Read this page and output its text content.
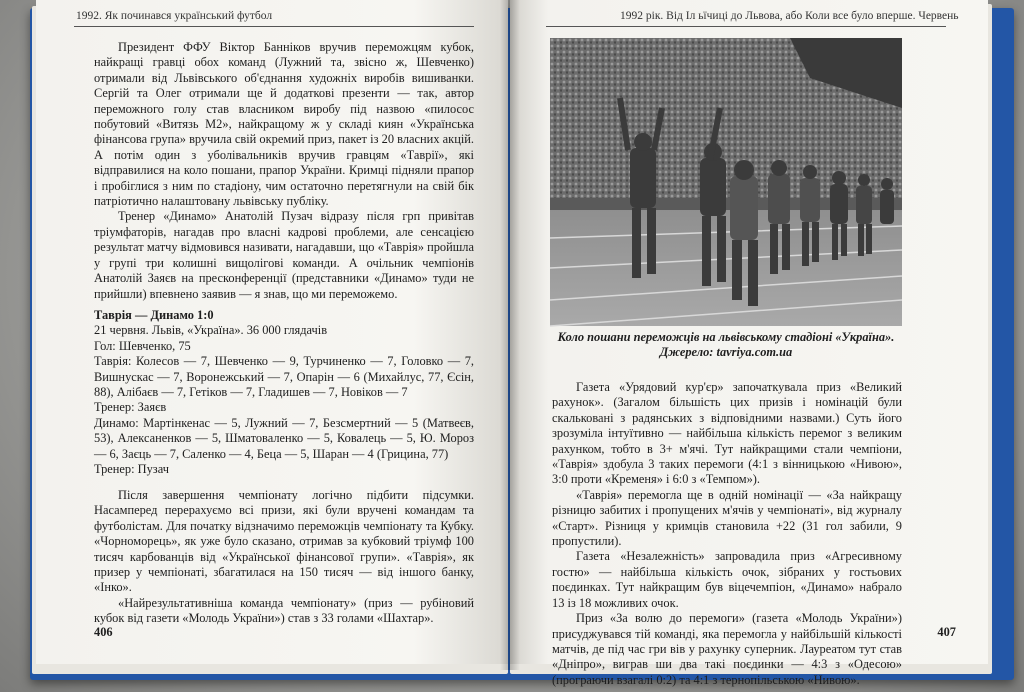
1992. Як починався український футбол

Президент ФФУ Віктор Банніков вручив переможцям кубок, найкращі гравці обох команд (Лужний та, звісно ж, Шевченко) отримали від Львівського об'єднання художніх виробів вишиванки. Сергій та Олег отримали ще й додаткові презенти — так, автор переможного голу став власником виробу під назвою «пилосос побутовий «Витязь М2», найкращому ж у складі киян «Українська фінансова група» вручила свій окремий приз, пакет із 20 власних акцій. А потім один з уболівальників вручив гравцям «Таврії», які відправилися на коло пошани, прапор України. Кримці підняли прапор і пробіглися з ним по стадіону, чим остаточно перетягнули на свій бік патріотично налаштовану львівську публіку.

Тренер «Динамо» Анатолій Пузач відразу після грп привітав тріумфаторів, нагадав про власні кадрові проблеми, але сенсацією результат матчу відмовився називати, нагадавши, що «Таврія» пройшла у групі три колишні вищолігові команди. А очільник чемпіонів Анатолій Заяєв на пресконференції (представники «Динамо» туди не прийшли) впевнено заявив — я знав, що ми переможемо.

Таврія — Динамо 1:0
21 червня. Львів, «Україна». 36 000 глядачів
Гол: Шевченко, 75
Таврія: Колесов — 7, Шевченко — 9, Турчиненко — 7, Головко — 7, Вишнускас — 7, Воронежський — 7, Опарін — 6 (Михайлус, 77, Єсін, 88), Алібаєв — 7, Гетіков — 7, Гладишев — 7, Новіков — 7
Тренер: Заяєв
Динамо: Мартінкенас — 5, Лужний — 7, Безсмертний — 5 (Матвеєв, 53), Алексаненков — 5, Шматоваленко — 5, Ковалець — 5, Ю. Мороз — 6, Заєць — 7, Саленко — 4, Беца — 5, Шаран — 4 (Грицина, 77)
Тренер: Пузач

Після завершення чемпіонату логічно підбити підсумки. Насамперед перерахуємо всі призи, які були вручені командам та футболістам. Для початку відзначимо переможців чемпіонату та Кубку. «Чорноморець», як уже було сказано, отримав за кубковий тріумф 100 тисяч карбованців від «Української фінансової групи». «Таврія», як призер у чемпіонаті, збагатилася на 150 тисяч — від іншого банку, «Інко».

«Найрезультативніша команда чемпіонату» (приз — рубіновий кубок від газети «Молодь України») став з 33 голами «Шахтар».

406
1992 рік. Від Іл ьїчиці до Львова, або Коли все було вперше. Червень
Коло пошани переможців на львівському стадіоні «Україна».
Джерело: tavriya.com.ua

Газета «Урядовий кур'єр» започаткувала приз «Великий рахунок». (Загалом більшість цих призів і номінацій були скальковані з радянських з відповідними назвами.) Суть його зрозуміла інтуїтивно — найбільша кількість перемог з великим рахунком, тобто в 3+ м'ячі. Тут найкращими стали чемпіони, «Таврія» здобула 3 таких перемоги (4:1 з вінницькою «Нивою», 3:0 проти «Кременя» і 6:0 з «Темпом»).

«Таврія» перемогла ще в одній номінації — «За найкращу різницю забитих і пропущених м'ячів у чемпіонаті», від журналу «Старт». Різниця у кримців становила +22 (31 гол забили, 9 пропустили).

Газета «Незалежність» запровадила приз «Агресивному гостю» — найбільша кількість очок, зібраних у гостьових поєдинках. Тут найкращим був віцечемпіон, «Динамо» набрало 13 із 18 можливих очок.

Приз «За волю до перемоги» (газета «Молодь України») присуджувався тій команді, яка перемогла у найбільшій кількості матчів, де під час гри вів у рахунку суперник. Лауреатом тут став «Дніпро», виграв ши два такі поєдинки — 4:3 з «Одесою» (програючи взагалі 0:2) та 4:1 з тернопільською «Нивою».

407
